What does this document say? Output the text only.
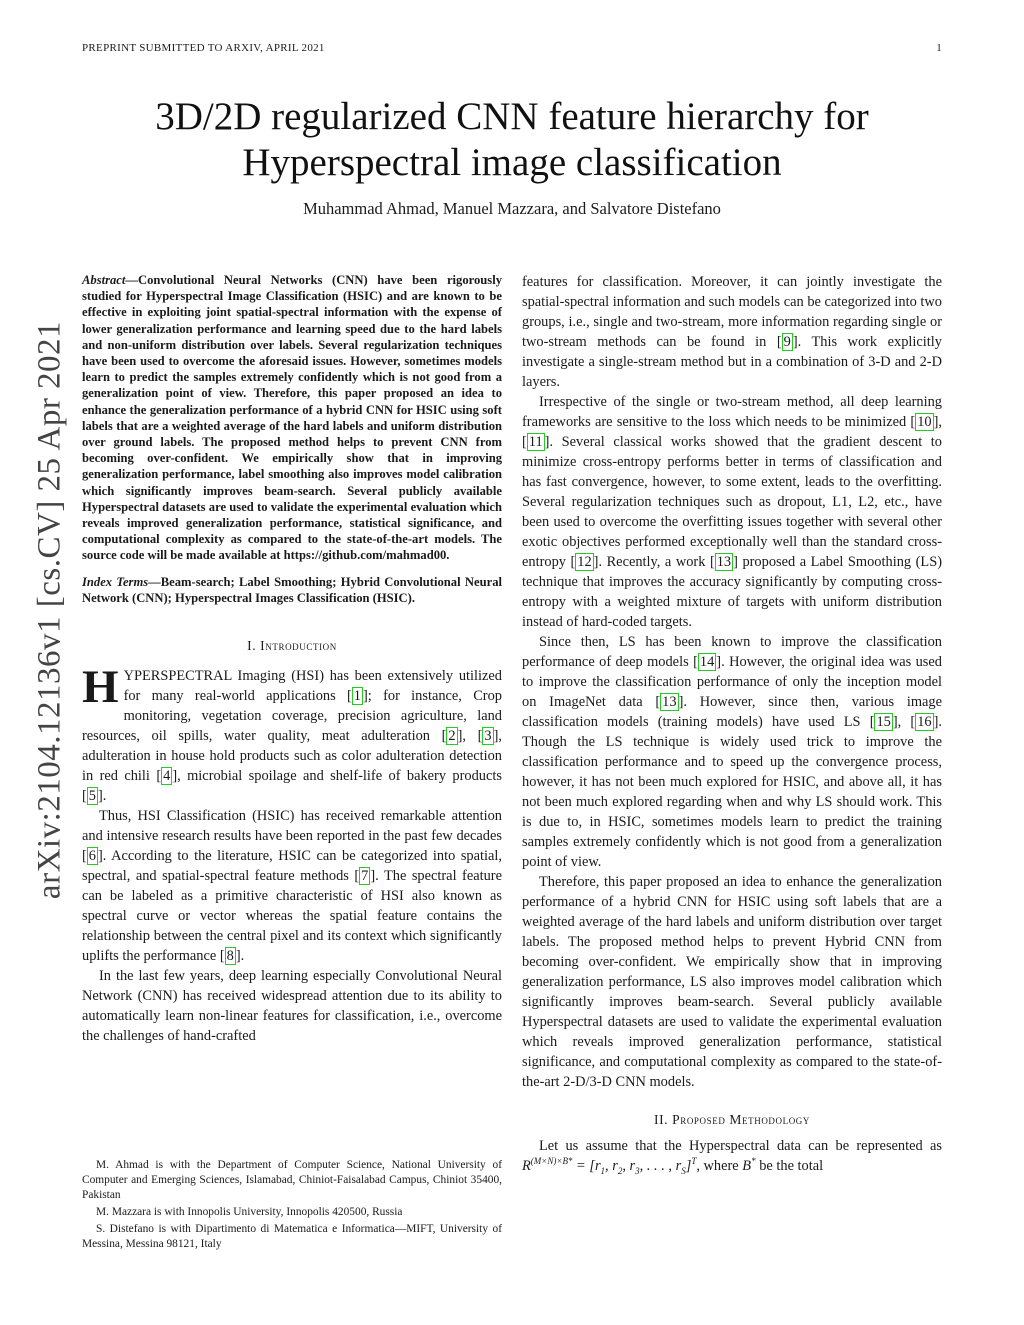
PREPRINT SUBMITTED TO ARXIV, APRIL 2021	1
arXiv:2104.12136v1 [cs.CV] 25 Apr 2021
3D/2D regularized CNN feature hierarchy for
Hyperspectral image classification
Muhammad Ahmad, Manuel Mazzara, and Salvatore Distefano

Abstract—Convolutional Neural Networks (CNN) have been rigorously studied for Hyperspectral Image Classification (HSIC) and are known to be effective in exploiting joint spatial-spectral information with the expense of lower generalization performance and learning speed due to the hard labels and non-uniform distribution over labels. Several regularization techniques have been used to overcome the aforesaid issues. However, sometimes models learn to predict the samples extremely confidently which is not good from a generalization point of view. Therefore, this paper proposed an idea to enhance the generalization performance of a hybrid CNN for HSIC using soft labels that are a weighted average of the hard labels and uniform distribution over ground labels. The proposed method helps to prevent CNN from becoming over-confident. We empirically show that in improving generalization performance, label smoothing also improves model calibration which significantly improves beam-search. Several publicly available Hyperspectral datasets are used to validate the experimental evaluation which reveals improved generalization performance, statistical significance, and computational complexity as compared to the state-of-the-art models. The source code will be made available at https://github.com/mahmad00.

Index Terms—Beam-search; Label Smoothing; Hybrid Convolutional Neural Network (CNN); Hyperspectral Images Classification (HSIC).

I. Introduction

HYPERSPECTRAL Imaging (HSI) has been extensively utilized for many real-world applications [ 1 ]; for instance, Crop monitoring, vegetation coverage, precision agriculture, land resources, oil spills, water quality, meat adulteration [ 2 ], [ 3 ], adulteration in house hold products such as color adulteration detection in red chili [ 4 ], microbial spoilage and shelf-life of bakery products [ 5 ].

Thus, HSI Classification (HSIC) has received remarkable attention and intensive research results have been reported in the past few decades [ 6 ]. According to the literature, HSIC can be categorized into spatial, spectral, and spatial-spectral feature methods [ 7 ]. The spectral feature can be labeled as a primitive characteristic of HSI also known as spectral curve or vector whereas the spatial feature contains the relationship between the central pixel and its context which significantly uplifts the performance [ 8 ].

In the last few years, deep learning especially Convolutional Neural Network (CNN) has received widespread attention due to its ability to automatically learn non-linear features for classification, i.e., overcome the challenges of hand-crafted

M. Ahmad is with the Department of Computer Science, National University of Computer and Emerging Sciences, Islamabad, Chiniot-Faisalabad Campus, Chiniot 35400, Pakistan

M. Mazzara is with Innopolis University, Innopolis 420500, Russia

S. Distefano is with Dipartimento di Matematica e Informatica—MIFT, University of Messina, Messina 98121, Italy

features for classification. Moreover, it can jointly investigate the spatial-spectral information and such models can be categorized into two groups, i.e., single and two-stream, more information regarding single or two-stream methods can be found in [ 9 ]. This work explicitly investigate a single-stream method but in a combination of 3-D and 2-D layers.

Irrespective of the single or two-stream method, all deep learning frameworks are sensitive to the loss which needs to be minimized [ 10 ], [ 11 ]. Several classical works showed that the gradient descent to minimize cross-entropy performs better in terms of classification and has fast convergence, however, to some extent, leads to the overfitting. Several regularization techniques such as dropout, L1, L2, etc., have been used to overcome the overfitting issues together with several other exotic objectives performed exceptionally well than the standard cross-entropy [ 12 ]. Recently, a work [ 13 ] proposed a Label Smoothing (LS) technique that improves the accuracy significantly by computing cross-entropy with a weighted mixture of targets with uniform distribution instead of hard-coded targets.

Since then, LS has been known to improve the classification performance of deep models [ 14 ]. However, the original idea was used to improve the classification performance of only the inception model on ImageNet data [ 13 ]. However, since then, various image classification models (training models) have used LS [ 15 ], [ 16 ]. Though the LS technique is widely used trick to improve the classification performance and to speed up the convergence process, however, it has not been much explored for HSIC, and above all, it has not been much explored regarding when and why LS should work. This is due to, in HSIC, sometimes models learn to predict the training samples extremely confidently which is not good from a generalization point of view.

Therefore, this paper proposed an idea to enhance the generalization performance of a hybrid CNN for HSIC using soft labels that are a weighted average of the hard labels and uniform distribution over target labels. The proposed method helps to prevent Hybrid CNN from becoming over-confident. We empirically show that in improving generalization performance, LS also improves model calibration which significantly improves beam-search. Several publicly available Hyperspectral datasets are used to validate the experimental evaluation which reveals improved generalization performance, statistical significance, and computational complexity as compared to the state-of-the-art 2-D/3-D CNN models.

II. Proposed Methodology

Let us assume that the Hyperspectral data can be represented as $R^{(M\times N)\times B*} = [r_1$, $r_2$, $r_3$, . . . , $r_S]^T$, where B* be the total
